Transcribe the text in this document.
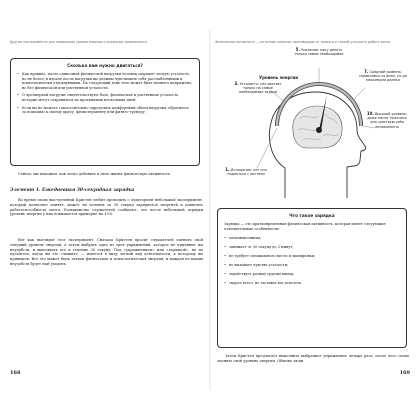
Другие эксперименты для повышения уровня энергии и снижения тревожности
Сколько вам нужно двигаться?
• Как правило, после одиночной физической нагрузки человек ощущает легкую усталость, но не более; в идеале после нагрузки вы должны чувствовать себя расслабленными и психологически отдохнувшими. На следующий день тело может быть немного напряжено, но без физической или умственной усталости.
• О чрезмерной нагрузке свидетельствуют боль, физическая и умственная усталость, которые могут сохраняться на протяжении нескольких дней.
• Если вы не можете самостоятельно определить комфортный объем нагрузки, обратитесь за помощью к своему врачу, физиотерапевту или фитнес-тренеру.
Сейчас мы покажем, как легко добавить в свою жизнь физическую активность.
Элемент 1. Ежедневная 30-секундная зарядка
Во время своих выступлений Кристен любит проводить с аудиторией небольшой эксперимент, который позволяет понять, может ли человек за 30 секунд зарядиться энергией и повысить работоспособность мозга. Большинство слушателей сообщают, что после небольшой зарядки уровень энергии у них повышается примерно на 10%.
Вот как выглядит этот эксперимент. Сначала Кристен просит слушателей оценить свой текущий уровень энергии, а затем выбрать одно из трех упражнений, которое не причинит им неудобств, и выполнить его в течение 30 секунд. Под «упражнением» или «зарядкой», но не пугайтесь, когда вы это слышите, — имеется в виду легкий вид деятельности, к которому вы привыкли. Все это может быть легкая физическая и психологическая энергия, и каждая из ваших неудобств будет ещё уходить.
168
Физическая активность — источник энергии, противоядие от тревоги и способ улучшить работу мозга
Уровень энергии
1. Истощение: нет сил подняться с постели
3. Усталость: сил хватает только на самые необходимые задачи
5. Усиление: могу делать только самое необходимое
7. Средний уровень: справляюсь со всем, но до максимума далеко
10. Высокий уровень: даже после тяжелого дня чувствую себя великолепно
Что такое зарядка
Зарядка — это кратковременная физическая активность, которая имеет следующие отличительные особенности:
• легковыполнима;
• занимает от 30 секунд до 5 минут;
• не требует специального места и экипировки;
• не вызывает чувства усталости;
• задействует разные группы мышц;
• скорее всего, не заставит вас вспотеть.
Затем Кристен предлагает выполнить выбранное упражнение четыре раза, после чего снова оценить свой уровень энергии. Обычно люди
169
